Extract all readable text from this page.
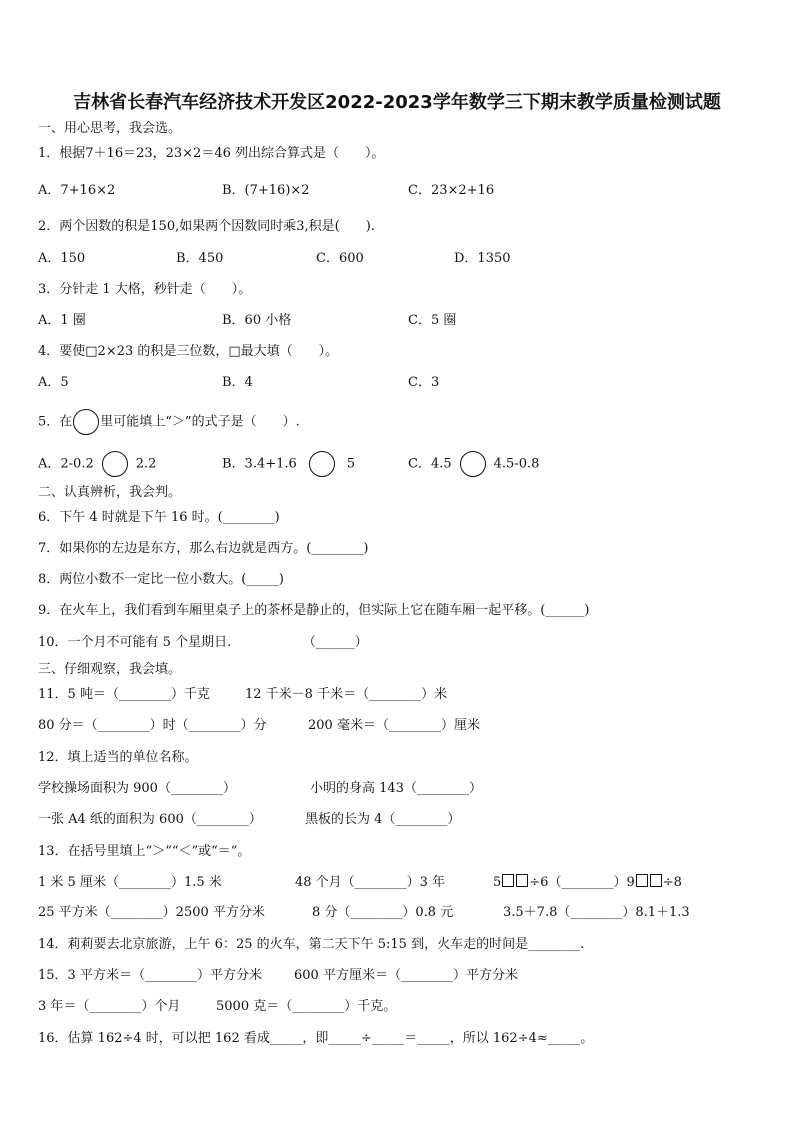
吉林省长春汽车经济技术开发区2022-2023学年数学三下期末教学质量检测试题
一、用心思考，我会选。
1．根据7＋16＝23，23×2＝46 列出综合算式是（　　）。
A．7+16×2	B．(7+16)×2	C．23×2+16
2．两个因数的积是150,如果两个因数同时乘3,积是(　　).
A．150	B．450	C．600	D．1350
3．分针走 1 大格，秒针走（　　）。
A．1 圈	B．60 小格	C．5 圈
4．要使□2×23 的积是三位数，□最大填（　　）。
A．5	B．4	C．3
5．在 里可能填上“＞”的式子是（　　）.
A．2-0.2	2.2	B．3.4+1.6	5	C．4.5	4.5-0.8
二、认真辨析，我会判。
6．下午 4 时就是下午 16 时。(________)
7．如果你的左边是东方，那么右边就是西方。(________)
8．两位小数不一定比一位小数大。(_____)
9．在火车上，我们看到车厢里桌子上的茶杯是静止的，但实际上它在随车厢一起平移。(______)
10．一个月不可能有 5 个星期日.　　　　　　（______）
三、仔细观察，我会填。
11．5 吨＝（________）千克	12 千米－8 千米＝（________）米
80 分＝（________）时（________）分	200 毫米＝（________）厘米
12．填上适当的单位名称。
学校操场面积为 900（________）	小明的身高 143（________）
一张 A4 纸的面积为 600（________）	黑板的长为 4（________）
13．在括号里填上“＞”“＜”或“＝”。
1 米 5 厘米（________）1.5 米	48 个月（________）3 年	5 ÷6（________）9 ÷8
25 平方米（________）2500 平方分米	8 分（________）0.8 元	3.5＋7.8（________）8.1＋1.3
14．莉莉要去北京旅游，上午 6：25 的火车，第二天下午 5:15 到，火车走的时间是________.
15．3 平方米＝（________）平方分米 600 平方厘米＝（________）平方分米
3 年＝（________）个月	5000 克＝（________）千克。
16．估算 162÷4 时，可以把 162 看成_____，即_____÷_____＝_____，所以 162÷4≈_____。
